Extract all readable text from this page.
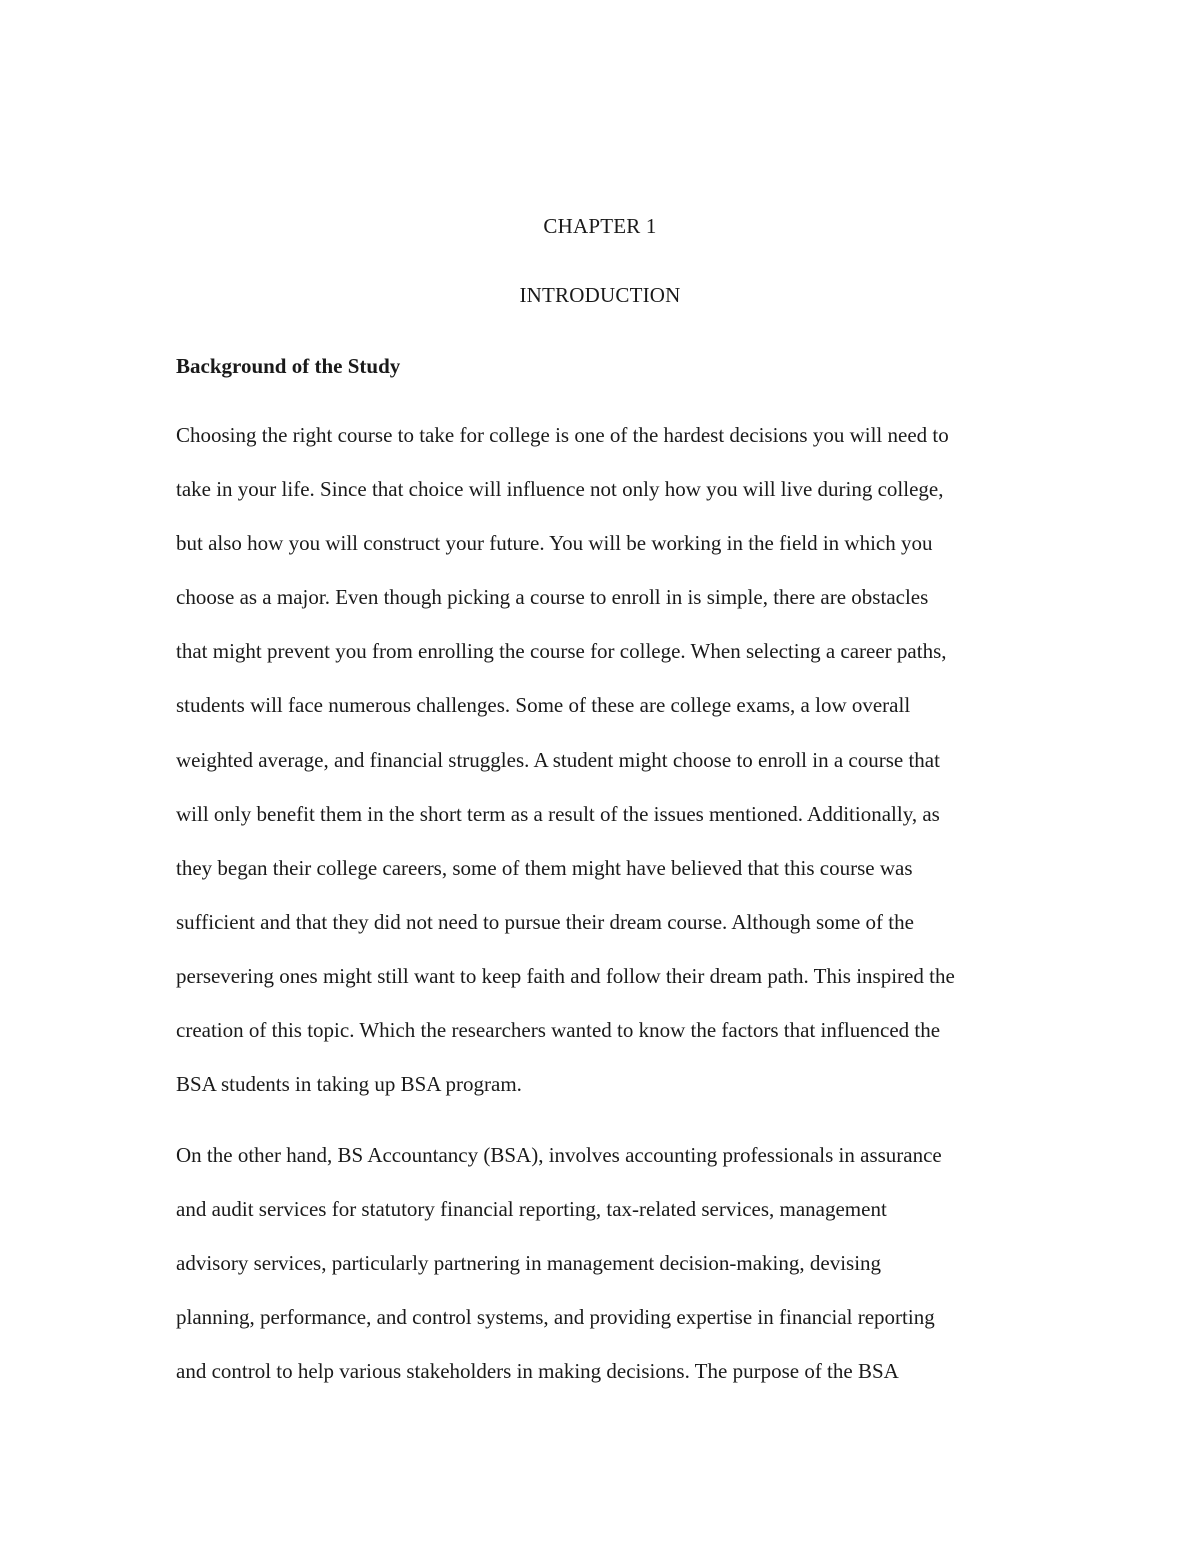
CHAPTER 1
INTRODUCTION
Background of the Study

Choosing the right course to take for college is one of the hardest decisions you will need to
take in your life. Since that choice will influence not only how you will live during college,
but also how you will construct your future. You will be working in the field in which you
choose as a major. Even though picking a course to enroll in is simple, there are obstacles
that might prevent you from enrolling the course for college. When selecting a career paths,
students will face numerous challenges. Some of these are college exams, a low overall
weighted average, and financial struggles. A student might choose to enroll in a course that
will only benefit them in the short term as a result of the issues mentioned. Additionally, as
they began their college careers, some of them might have believed that this course was
sufficient and that they did not need to pursue their dream course. Although some of the
persevering ones might still want to keep faith and follow their dream path. This inspired the
creation of this topic. Which the researchers wanted to know the factors that influenced the
BSA students in taking up BSA program.

On the other hand, BS Accountancy (BSA), involves accounting professionals in assurance
and audit services for statutory financial reporting, tax-related services, management
advisory services, particularly partnering in management decision-making, devising
planning, performance, and control systems, and providing expertise in financial reporting
and control to help various stakeholders in making decisions. The purpose of the BSA
